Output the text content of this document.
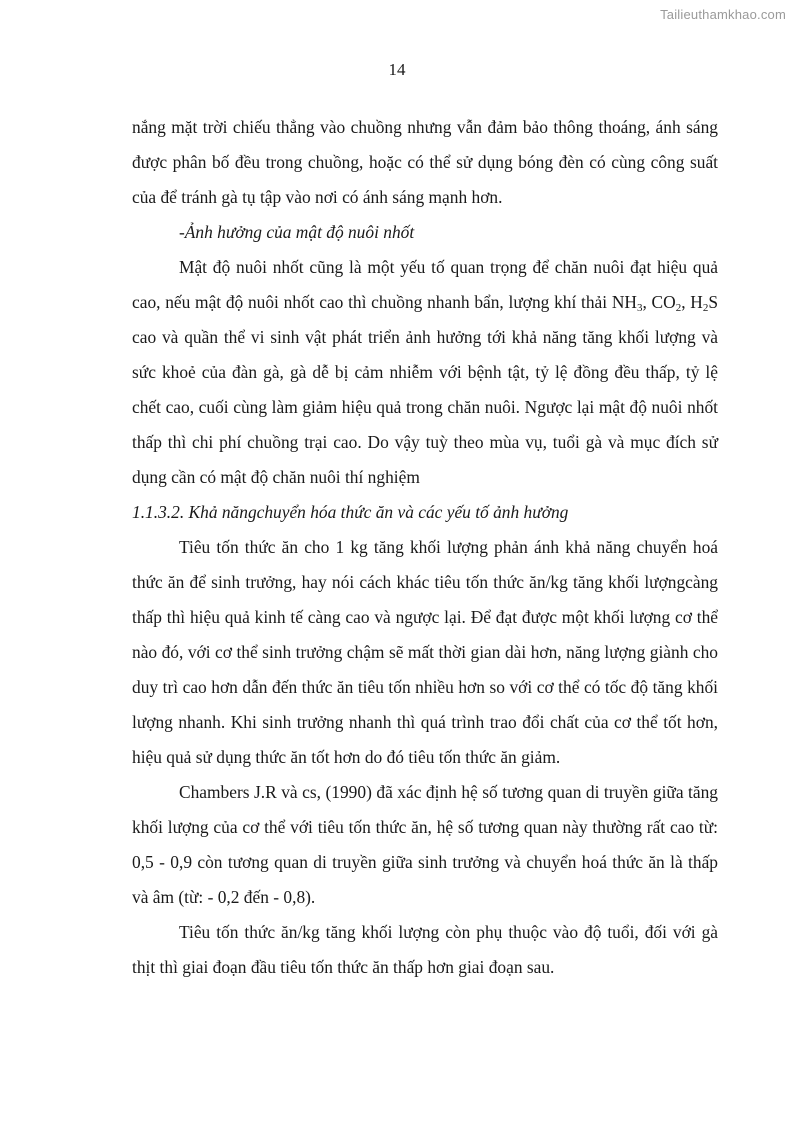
Tailieuthamkhao.com
14

nắng mặt trời chiếu thẳng vào chuồng nhưng vẫn đảm bảo thông thoáng, ánh sáng được phân bố đều trong chuồng, hoặc có thể sử dụng bóng đèn có cùng công suất của để tránh gà tụ tập vào nơi có ánh sáng mạnh hơn.

-Ảnh hưởng của mật độ nuôi nhốt

Mật độ nuôi nhốt cũng là một yếu tố quan trọng để chăn nuôi đạt hiệu quả cao, nếu mật độ nuôi nhốt cao thì chuồng nhanh bẩn, lượng khí thải $NH_3$, $CO_2$, $H_2S$ cao và quần thể vi sinh vật phát triển ảnh hưởng tới khả năng tăng khối lượng và sức khoẻ của đàn gà, gà dễ bị cảm nhiễm với bệnh tật, tỷ lệ đồng đều thấp, tỷ lệ chết cao, cuối cùng làm giảm hiệu quả trong chăn nuôi. Ngược lại mật độ nuôi nhốt thấp thì chi phí chuồng trại cao. Do vậy tuỳ theo mùa vụ, tuổi gà và mục đích sử dụng cần có mật độ chăn nuôi thí nghiệm

1.1.3.2. Khả năngchuyển hóa thức ăn và các yếu tố ảnh hưởng

Tiêu tốn thức ăn cho 1 kg tăng khối lượng phản ánh khả năng chuyển hoá thức ăn để sinh trưởng, hay nói cách khác tiêu tốn thức ăn/kg tăng khối lượngcàng thấp thì hiệu quả kinh tế càng cao và ngược lại. Để đạt được một khối lượng cơ thể nào đó, với cơ thể sinh trưởng chậm sẽ mất thời gian dài hơn, năng lượng giành cho duy trì cao hơn dẫn đến thức ăn tiêu tốn nhiều hơn so với cơ thể có tốc độ tăng khối lượng nhanh. Khi sinh trưởng nhanh thì quá trình trao đổi chất của cơ thể tốt hơn, hiệu quả sử dụng thức ăn tốt hơn do đó tiêu tốn thức ăn giảm.

Chambers J.R và cs, (1990) đã xác định hệ số tương quan di truyền giữa tăng khối lượng của cơ thể với tiêu tốn thức ăn, hệ số tương quan này thường rất cao từ: 0,5 - 0,9 còn tương quan di truyền giữa sinh trưởng và chuyển hoá thức ăn là thấp và âm (từ: - 0,2 đến - 0,8).

Tiêu tốn thức ăn/kg tăng khối lượng còn phụ thuộc vào độ tuổi, đối với gà thịt thì giai đoạn đầu tiêu tốn thức ăn thấp hơn giai đoạn sau.
